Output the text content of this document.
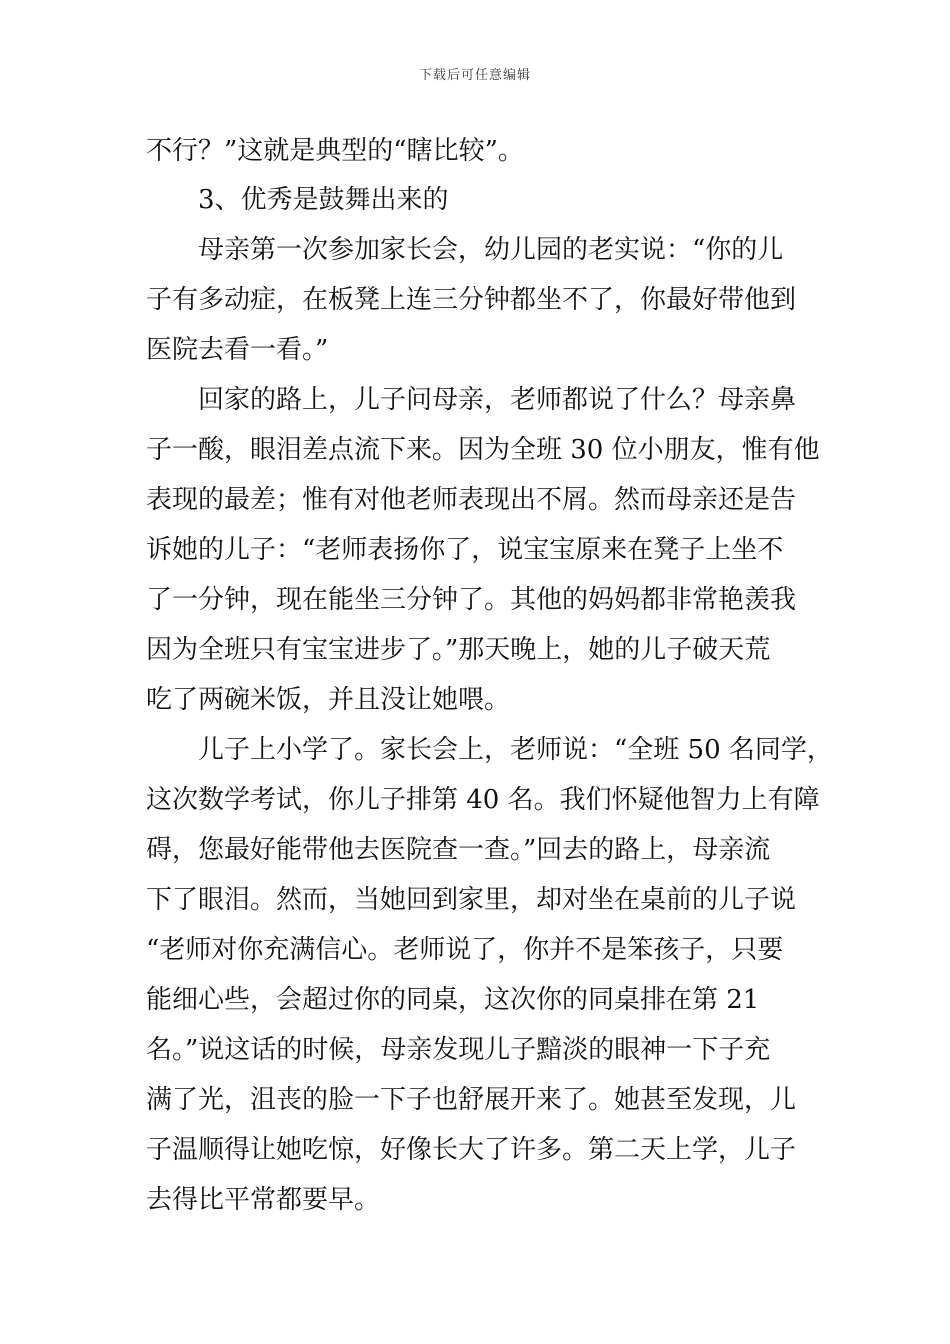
下载后可任意编辑
不行？”这就是典型的“瞎比较”。
3、优秀是鼓舞出来的
母亲第一次参加家长会，幼儿园的老实说：“你的儿
子有多动症，在板凳上连三分钟都坐不了，你最好带他到
医院去看一看。”
回家的路上，儿子问母亲，老师都说了什么？母亲鼻
子一酸，眼泪差点流下来。因为全班 30 位小朋友，惟有他
表现的最差；惟有对他老师表现出不屑。然而母亲还是告
诉她的儿子：“老师表扬你了，说宝宝原来在凳子上坐不
了一分钟，现在能坐三分钟了。其他的妈妈都非常艳羡我
因为全班只有宝宝进步了。”那天晚上，她的儿子破天荒
吃了两碗米饭，并且没让她喂。
儿子上小学了。家长会上，老师说：“全班 50 名同学，
这次数学考试，你儿子排第 40 名。我们怀疑他智力上有障
碍，您最好能带他去医院查一查。”回去的路上，母亲流
下了眼泪。然而，当她回到家里，却对坐在桌前的儿子说
“老师对你充满信心。老师说了，你并不是笨孩子，只要
能细心些，会超过你的同桌，这次你的同桌排在第 21
名。”说这话的时候，母亲发现儿子黯淡的眼神一下子充
满了光，沮丧的脸一下子也舒展开来了。她甚至发现，儿
子温顺得让她吃惊，好像长大了许多。第二天上学，儿子
去得比平常都要早。
